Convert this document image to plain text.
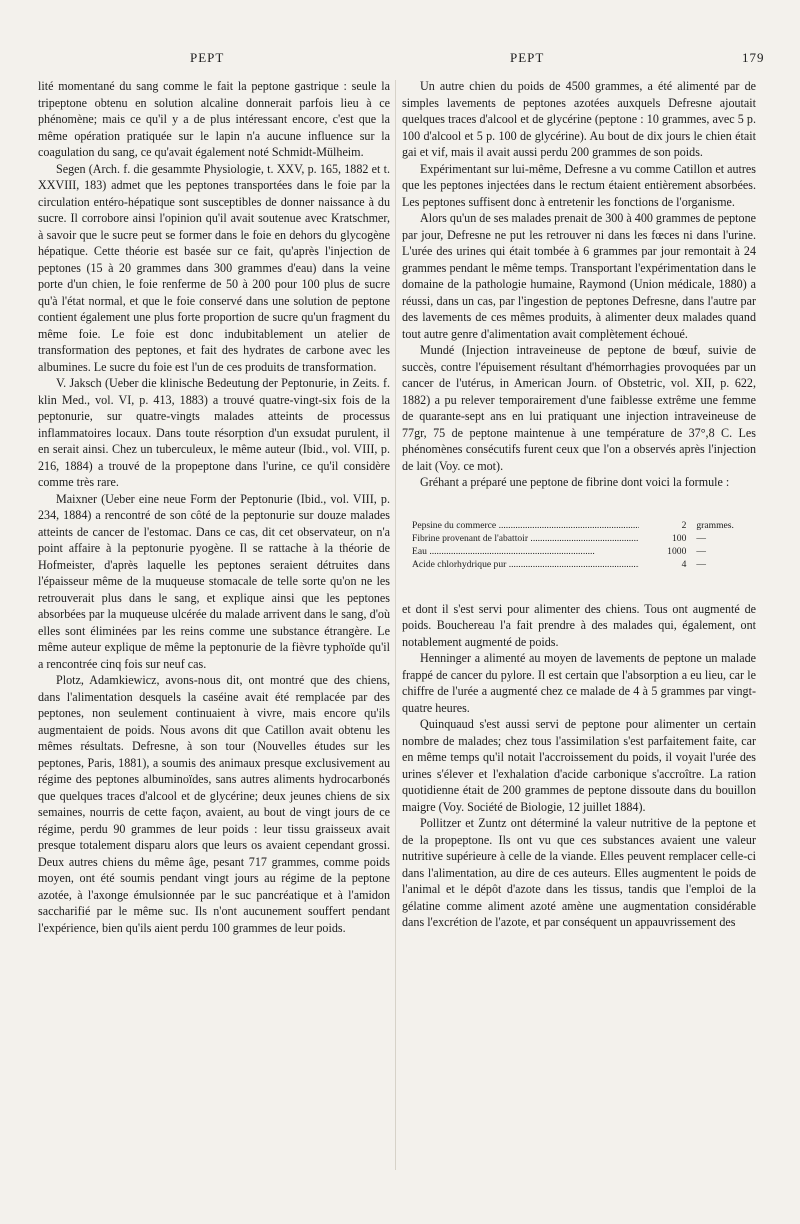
PEPT	PEPT	179

lité momentané du sang comme le fait la peptone gastrique : seule la tripeptone obtenu en solution alcaline donnerait parfois lieu à ce phénomène; mais ce qu'il y a de plus intéressant encore, c'est que la même opération pratiquée sur le lapin n'a aucune influence sur la coagulation du sang, ce qu'avait également noté Schmidt-Mülheim.

Segen (Arch. f. die gesammte Physiologie, t. XXV, p. 165, 1882 et t. XXVIII, 183) admet que les peptones transportées dans le foie par la circulation entéro-hépatique sont susceptibles de donner naissance à du sucre. Il corrobore ainsi l'opinion qu'il avait soutenue avec Kratschmer, à savoir que le sucre peut se former dans le foie en dehors du glycogène hépatique. Cette théorie est basée sur ce fait, qu'après l'injection de peptones (15 à 20 grammes dans 300 grammes d'eau) dans la veine porte d'un chien, le foie renferme de 50 à 200 pour 100 plus de sucre qu'à l'état normal, et que le foie conservé dans une solution de peptone contient également une plus forte proportion de sucre qu'un fragment du même foie. Le foie est donc indubitablement un atelier de transformation des peptones, et fait des hydrates de carbone avec les albumines. Le sucre du foie est l'un de ces produits de transformation.

V. Jaksch (Ueber die klinische Bedeutung der Peptonurie, in Zeits. f. klin Med., vol. VI, p. 413, 1883) a trouvé quatre-vingt-six fois de la peptonurie, sur quatre-vingts malades atteints de processus inflammatoires locaux. Dans toute résorption d'un exsudat purulent, il en serait ainsi. Chez un tuberculeux, le même auteur (Ibid., vol. VIII, p. 216, 1884) a trouvé de la propeptone dans l'urine, ce qu'il considère comme très rare.

Maixner (Ueber eine neue Form der Peptonurie (Ibid., vol. VIII, p. 234, 1884) a rencontré de son côté de la peptonurie sur douze malades atteints de cancer de l'estomac. Dans ce cas, dit cet observateur, on n'a point affaire à la peptonurie pyogène. Il se rattache à la théorie de Hofmeister, d'après laquelle les peptones seraient détruites dans l'épaisseur même de la muqueuse stomacale de telle sorte qu'on ne les retrouverait plus dans le sang, et explique ainsi que les peptones absorbées par la muqueuse ulcérée du malade arrivent dans le sang, d'où elles sont éliminées par les reins comme une substance étrangère. Le même auteur explique de même la peptonurie de la fièvre typhoïde qu'il a rencontrée cinq fois sur neuf cas.

Plotz, Adamkiewicz, avons-nous dit, ont montré que des chiens, dans l'alimentation desquels la caséine avait été remplacée par des peptones, non seulement continuaient à vivre, mais encore qu'ils augmentaient de poids. Nous avons dit que Catillon avait obtenu les mêmes résultats. Defresne, à son tour (Nouvelles études sur les peptones, Paris, 1881), a soumis des animaux presque exclusivement au régime des peptones albuminoïdes, sans autres aliments hydrocarbonés que quelques traces d'alcool et de glycérine; deux jeunes chiens de six semaines, nourris de cette façon, avaient, au bout de vingt jours de ce régime, perdu 90 grammes de leur poids : leur tissu graisseux avait presque totalement disparu alors que leurs os avaient cependant grossi. Deux autres chiens du même âge, pesant 717 grammes, comme poids moyen, ont été soumis pendant vingt jours au régime de la peptone azotée, à l'axonge émulsionnée par le suc pancréatique et à l'amidon saccharifié par le même suc. Ils n'ont aucunement souffert pendant l'expérience, bien qu'ils aient perdu 100 grammes de leur poids.

Un autre chien du poids de 4500 grammes, a été alimenté par de simples lavements de peptones azotées auxquels Defresne ajoutait quelques traces d'alcool et de glycérine (peptone : 10 grammes, avec 5 p. 100 d'alcool et 5 p. 100 de glycérine). Au bout de dix jours le chien était gai et vif, mais il avait aussi perdu 200 grammes de son poids.

Expérimentant sur lui-même, Defresne a vu comme Catillon et autres que les peptones injectées dans le rectum étaient entièrement absorbées. Les peptones suffisent donc à entretenir les fonctions de l'organisme.

Alors qu'un de ses malades prenait de 300 à 400 grammes de peptone par jour, Defresne ne put les retrouver ni dans les fœces ni dans l'urine. L'urée des urines qui était tombée à 6 grammes par jour remontait à 24 grammes pendant le même temps. Transportant l'expérimentation dans le domaine de la pathologie humaine, Raymond (Union médicale, 1880) a réussi, dans un cas, par l'ingestion de peptones Defresne, dans l'autre par des lavements de ces mêmes produits, à alimenter deux malades quand tout autre genre d'alimentation avait complètement échoué.

Mundé (Injection intraveineuse de peptone de bœuf, suivie de succès, contre l'épuisement résultant d'hémorrhagies provoquées par un cancer de l'utérus, in American Journ. of Obstetric, vol. XII, p. 622, 1882) a pu relever temporairement d'une faiblesse extrême une femme de quarante-sept ans en lui pratiquant une injection intraveineuse de 77gr, 75 de peptone maintenue à une température de 37°,8 C. Les phénomènes consécutifs furent ceux que l'on a observés après l'injection de lait (Voy. ce mot).

Gréhant a préparé une peptone de fibrine dont voici la formule :

Pepsine du commerce .....	2	grammes.
Fibrine provenant de l'abattoir .....	100	—
Eau .....	1000	—
Acide chlorhydrique pur .....	4	—

et dont il s'est servi pour alimenter des chiens. Tous ont augmenté de poids. Bouchereau l'a fait prendre à des malades qui, également, ont notablement augmenté de poids.

Henninger a alimenté au moyen de lavements de peptone un malade frappé de cancer du pylore. Il est certain que l'absorption a eu lieu, car le chiffre de l'urée a augmenté chez ce malade de 4 à 5 grammes par vingt-quatre heures.

Quinquaud s'est aussi servi de peptone pour alimenter un certain nombre de malades; chez tous l'assimilation s'est parfaitement faite, car en même temps qu'il notait l'accroissement du poids, il voyait l'urée des urines s'élever et l'exhalation d'acide carbonique s'accroître. La ration quotidienne était de 200 grammes de peptone dissoute dans du bouillon maigre (Voy. Société de Biologie, 12 juillet 1884).

Pollitzer et Zuntz ont déterminé la valeur nutritive de la peptone et de la propeptone. Ils ont vu que ces substances avaient une valeur nutritive supérieure à celle de la viande. Elles peuvent remplacer celle-ci dans l'alimentation, au dire de ces auteurs. Elles augmentent le poids de l'animal et le dépôt d'azote dans les tissus, tandis que l'emploi de la gélatine comme aliment azoté amène une augmentation considérable dans l'excrétion de l'azote, et par conséquent un appauvrissement des
